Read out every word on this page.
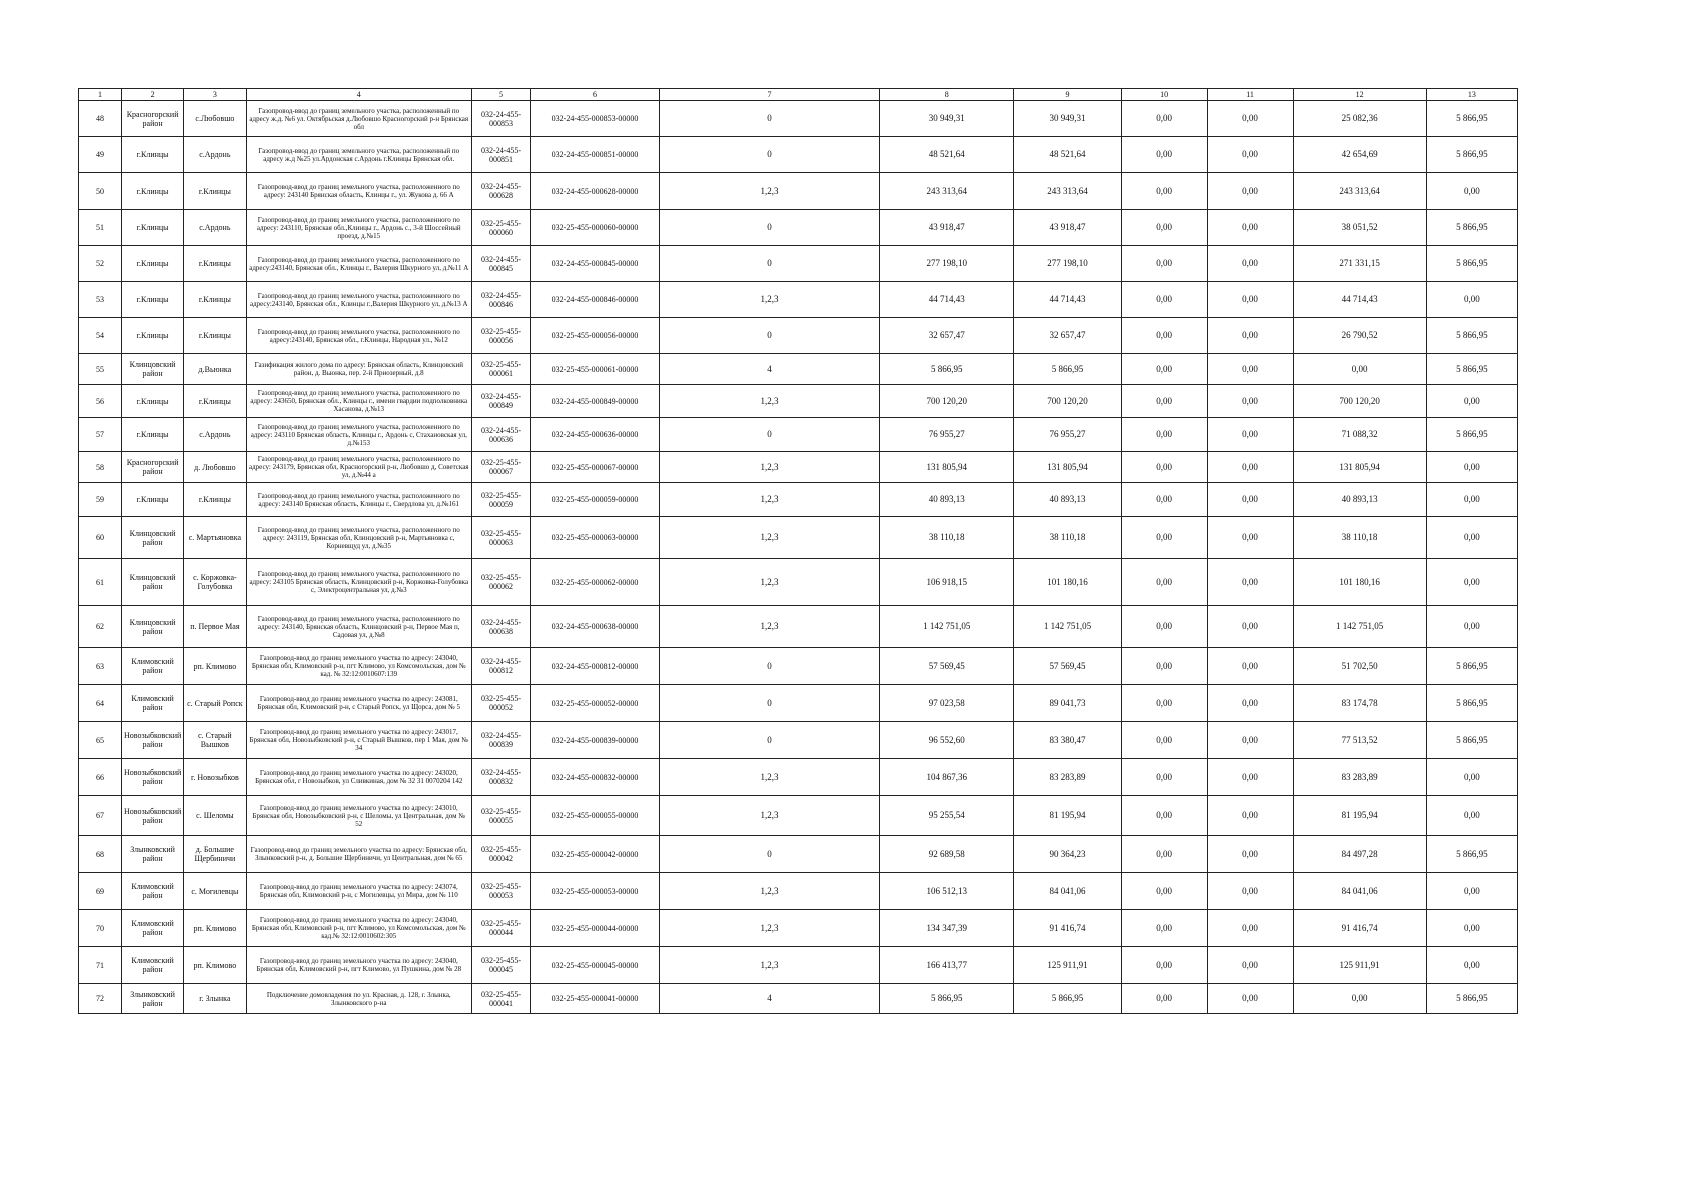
1	2	3	4	5	6	7	8	9	10	11	12	13
48	Красногорский район	с.Любовшо	Газопровод-ввод до границ земельного участка, расположенный по адресу ж.д. №6 ул. Октябрьская д.Любовшо Красногорский р-н Брянская обл	032-24-455-000853	032-24-455-000853-00000	0	30 949,31	30 949,31	0,00	0,00	25 082,36	5 866,95
49	г.Клинцы	с.Ардонь	Газопровод-ввод до границ земельного участка, расположенный по адресу ж.д №25 ул.Ардонская с.Ардонь г.Клинцы Брянская обл.	032-24-455-000851	032-24-455-000851-00000	0	48 521,64	48 521,64	0,00	0,00	42 654,69	5 866,95
50	г.Клинцы	г.Клинцы	Газопровод-ввод до границ земельного участка, расположенного по адресу: 243140 Брянская область, Клинцы г., ул. Жукова д. 66 А	032-24-455-000628	032-24-455-000628-00000	1,2,3	243 313,64	243 313,64	0,00	0,00	243 313,64	0,00
51	г.Клинцы	с.Ардонь	Газопровод-ввод до границ земельного участка, расположенного по адресу: 243110, Брянская обл.,Клинцы г., Ардонь с., 3-й Шоссейный проезд, д.№15	032-25-455-000060	032-25-455-000060-00000	0	43 918,47	43 918,47	0,00	0,00	38 051,52	5 866,95
52	г.Клинцы	г.Клинцы	Газопровод-ввод до границ земельного участка, расположенного по адресу:243140, Брянская обл., Клинцы г., Валерия Шкурного ул, д.№11 А	032-24-455-000845	032-24-455-000845-00000	0	277 198,10	277 198,10	0,00	0,00	271 331,15	5 866,95
53	г.Клинцы	г.Клинцы	Газопровод-ввод до границ земельного участка, расположенного по адресу:243140, Брянская обл., Клинцы г.,Валерия Шкурного ул, д.№13 А	032-24-455-000846	032-24-455-000846-00000	1,2,3	44 714,43	44 714,43	0,00	0,00	44 714,43	0,00
54	г.Клинцы	г.Клинцы	Газопровод-ввод до границ земельного участка, расположенного по адресу:243140, Брянская обл., г.Клинцы, Народная ул., №12	032-25-455-000056	032-25-455-000056-00000	0	32 657,47	32 657,47	0,00	0,00	26 790,52	5 866,95
55	Клинцовский район	д.Вьюнка	Газификация жилого дома по адресу: Брянская область, Клинцовский район, д. Вьюнка, пер. 2-й Приозерный, д.8	032-25-455-000061	032-25-455-000061-00000	4	5 866,95	5 866,95	0,00	0,00	0,00	5 866,95
56	г.Клинцы	г.Клинцы	Газопровод-ввод до границ земельного участка, расположенного по адресу: 243650, Брянская обл., Клинцы г., имени гвардии подполковника Хасанова, д.№13	032-24-455-000849	032-24-455-000849-00000	1,2,3	700 120,20	700 120,20	0,00	0,00	700 120,20	0,00
57	г.Клинцы	с.Ардонь	Газопровод-ввод до границ земельного участка, расположенного по адресу: 243110 Брянская область, Клинцы г., Ардонь с, Стахановская ул, д.№153	032-24-455-000636	032-24-455-000636-00000	0	76 955,27	76 955,27	0,00	0,00	71 088,32	5 866,95
58	Красногорский район	д. Любовшо	Газопровод-ввод до границ земельного участка, расположенного по адресу: 243179, Брянская обл, Красногорский р-н, Любовшо д, Советская ул, д.№44 а	032-25-455-000067	032-25-455-000067-00000	1,2,3	131 805,94	131 805,94	0,00	0,00	131 805,94	0,00
59	г.Клинцы	г.Клинцы	Газопровод-ввод до границ земельного участка, расположенного по адресу: 243140 Брянская область, Клинцы г., Свердлова ул, д.№161	032-25-455-000059	032-25-455-000059-00000	1,2,3	40 893,13	40 893,13	0,00	0,00	40 893,13	0,00
60	Клинцовский район	с. Мартьяновка	Газопровод-ввод до границ земельного участка, расположенного по адресу: 243119, Брянская обл, Клинцовский р-н, Мартьяновка с, Корневщуд ул, д.№35	032-25-455-000063	032-25-455-000063-00000	1,2,3	38 110,18	38 110,18	0,00	0,00	38 110,18	0,00
61	Клинцовский район	с. Коржовка-Голубовка	Газопровод-ввод до границ земельного участка, расположенного по адресу: 243105 Брянская область, Клинцовский р-н, Коржовка-Голубовка с, Электроцентральная ул, д.№3	032-25-455-000062	032-25-455-000062-00000	1,2,3	106 918,15	101 180,16	0,00	0,00	101 180,16	0,00
62	Клинцовский район	п. Первое Мая	Газопровод-ввод до границ земельного участка, расположенного по адресу: 243140, Брянская область, Клинцовский р-н, Первое Мая п, Садовая ул, д.№8	032-24-455-000638	032-24-455-000638-00000	1,2,3	1 142 751,05	1 142 751,05	0,00	0,00	1 142 751,05	0,00
63	Климовский район	рп. Климово	Газопровод-ввод до границ земельного участка по адресу: 243040, Брянская обл, Климовский р-н, пгт Климово, ул Комсомольская, дом № кад. № 32:12:0010607:139	032-24-455-000812	032-24-455-000812-00000	0	57 569,45	57 569,45	0,00	0,00	51 702,50	5 866,95
64	Климовский район	с. Старый Ропск	Газопровод-ввод до границ земельного участка по адресу: 243081, Брянская обл, Климовский р-н, с Старый Ропск, ул Щорса, дом № 5	032-25-455-000052	032-25-455-000052-00000	0	97 023,58	89 041,73	0,00	0,00	83 174,78	5 866,95
65	Новозыбковский район	с. Старый Вышков	Газопровод-ввод до границ земельного участка по адресу: 243017, Брянская обл, Новозыбковский р-н, с Старый Вышков, пер 1 Мая, дом № 34	032-24-455-000839	032-24-455-000839-00000	0	96 552,60	83 380,47	0,00	0,00	77 513,52	5 866,95
66	Новозыбковский район	г. Новозыбков	Газопровод-ввод до границ земельного участка по адресу: 243020, Брянская обл, г Новозыбков, ул Сливкиная, дом № 32 31 0070204 142	032-24-455-000832	032-24-455-000832-00000	1,2,3	104 867,36	83 283,89	0,00	0,00	83 283,89	0,00
67	Новозыбковский район	с. Шеломы	Газопровод-ввод до границ земельного участка по адресу: 243010, Брянская обл, Новозыбковский р-н, с Шеломы, ул Центральная, дом № 52	032-25-455-000055	032-25-455-000055-00000	1,2,3	95 255,54	81 195,94	0,00	0,00	81 195,94	0,00
68	Злынковский район	д. Большие Щербиничи	Газопровод-ввод до границ земельного участка по адресу: Брянская обл, Злынковский р-н, д. Большие Щербиничи, ул Центральная, дом № 65	032-25-455-000042	032-25-455-000042-00000	0	92 689,58	90 364,23	0,00	0,00	84 497,28	5 866,95
69	Климовский район	с. Могилевцы	Газопровод-ввод до границ земельного участка по адресу: 243074, Брянская обл, Климовский р-н, с Могилевцы, ул Мира, дом № 110	032-25-455-000053	032-25-455-000053-00000	1,2,3	106 512,13	84 041,06	0,00	0,00	84 041,06	0,00
70	Климовский район	рп. Климово	Газопровод-ввод до границ земельного участка по адресу: 243040, Брянская обл, Климовский р-н, пгт Климово, ул Комсомольская, дом № кад.№ 32:12:0010602:305	032-25-455-000044	032-25-455-000044-00000	1,2,3	134 347,39	91 416,74	0,00	0,00	91 416,74	0,00
71	Климовский район	рп. Климово	Газопровод-ввод до границ земельного участка по адресу: 243040, Брянская обл, Климовский р-н, пгт Климово, ул Пушкина, дом № 28	032-25-455-000045	032-25-455-000045-00000	1,2,3	166 413,77	125 911,91	0,00	0,00	125 911,91	0,00
72	Злынковский район	г. Злынка	Подключение домовладения по ул. Красная, д. 128, г. Злынка, Злынковского р-на	032-25-455-000041	032-25-455-000041-00000	4	5 866,95	5 866,95	0,00	0,00	0,00	5 866,95
